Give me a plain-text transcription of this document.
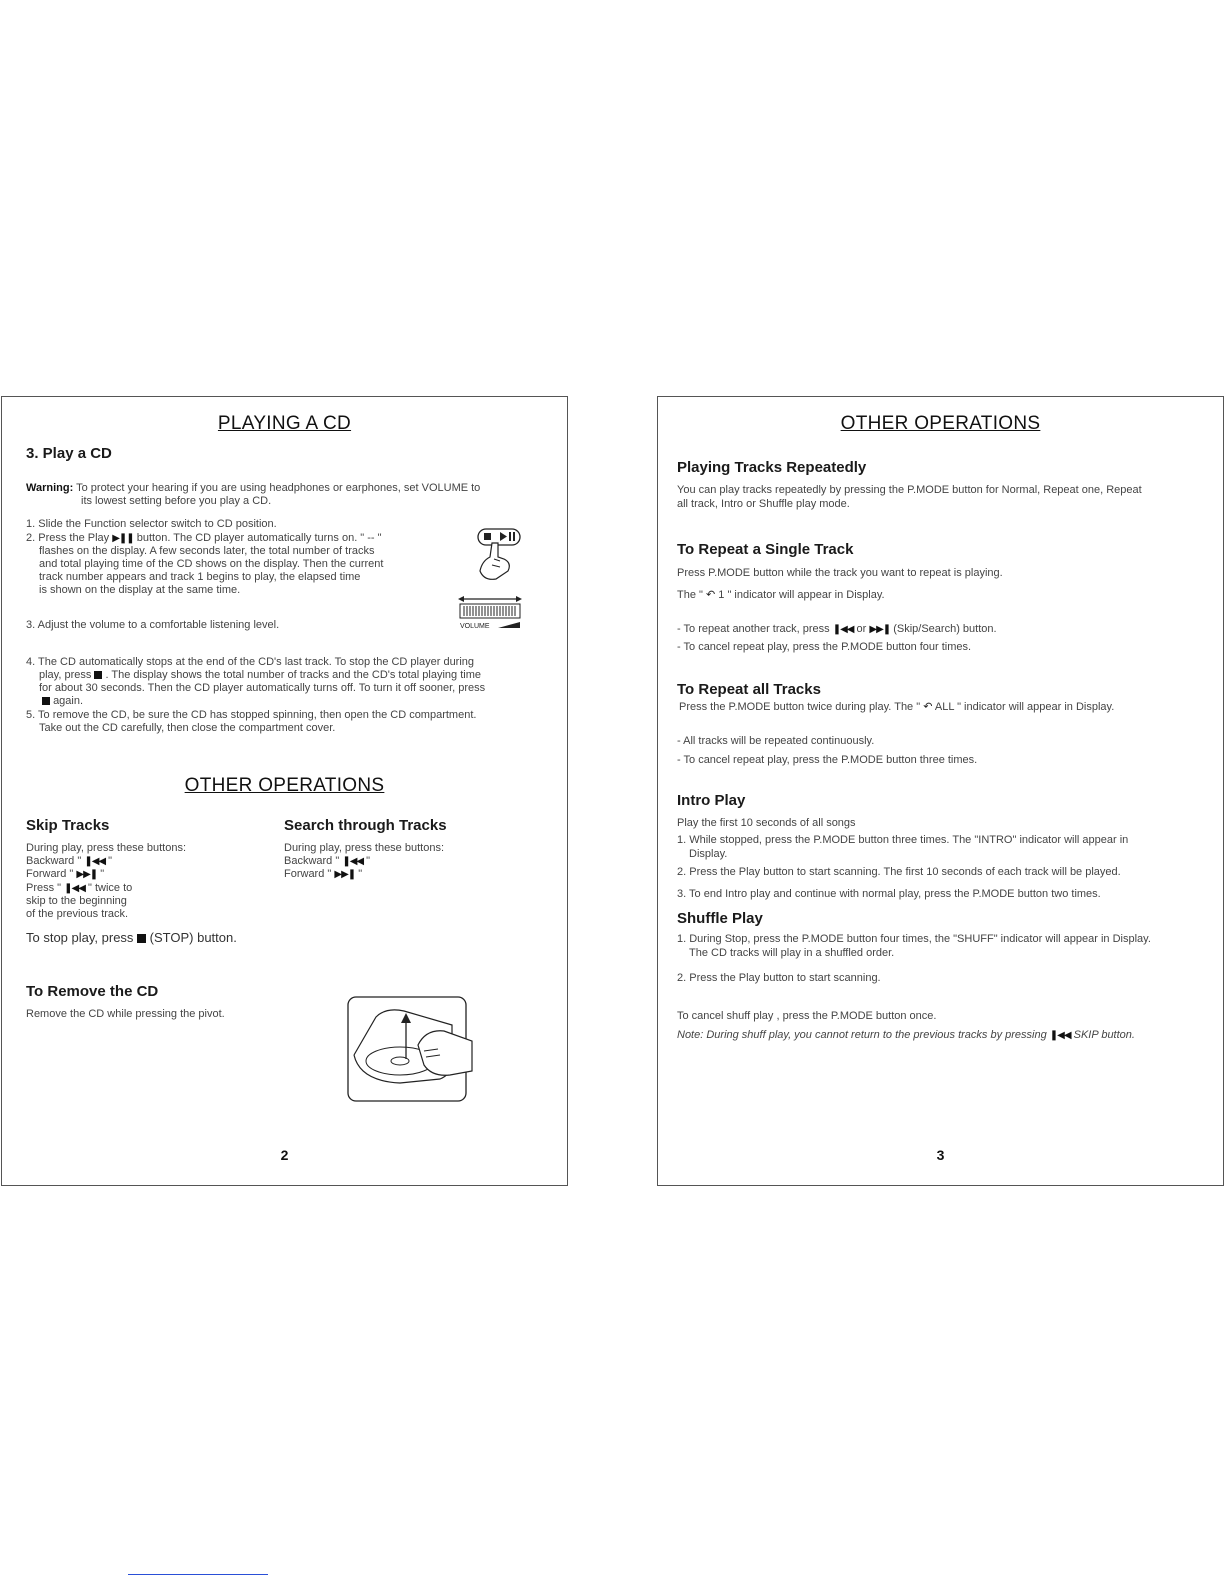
PLAYING A CD
3. Play a CD
Warning: To protect your hearing if you are using headphones or earphones, set VOLUME to
its lowest setting before you play a CD.
1. Slide the Function selector switch to CD position.
2. Press the Play ▶❚❚ button. The CD player automatically turns on. " -- "
flashes on the display. A few seconds later, the total number of tracks
and total playing time of the CD shows on the display. Then the current
track number appears and track 1 begins to play, the elapsed time
is shown on the display at the same time.
3. Adjust the volume to a comfortable listening level.	VOLUME
4. The CD automatically stops at the end of the CD's last track. To stop the CD player during
play, press . The display shows the total number of tracks and the CD's total playing time
for about 30 seconds. Then the CD player automatically turns off. To turn it off sooner, press
again.
5. To remove the CD, be sure the CD has stopped spinning, then open the CD compartment.
Take out the CD carefully, then close the compartment cover.
OTHER OPERATIONS
Skip Tracks
During play, press these buttons:
Backward " ❚◀◀ "
Forward " ▶▶❚ "
Press " ❚◀◀ " twice to
skip to the beginning
of the previous track.
Search through Tracks
During play, press these buttons:
Backward " ❚◀◀ "
Forward " ▶▶❚ "
To stop play, press (STOP) button.
To Remove the CD
Remove the CD while pressing the pivot.
2
OTHER OPERATIONS
Playing Tracks Repeatedly
You can play tracks repeatedly by pressing the P.MODE button for Normal, Repeat one, Repeat
all track, Intro or Shuffle play mode.
To Repeat a Single Track
Press P.MODE button while the track you want to repeat is playing.
The " ↶ 1 " indicator will appear in Display.
- To repeat another track, press ❚◀◀ or ▶▶❚ (Skip/Search) button.
- To cancel repeat play, press the P.MODE button four times.
To Repeat all Tracks
Press the P.MODE button twice during play. The " ↶ ALL " indicator will appear in Display.
- All tracks will be repeated continuously.
- To cancel repeat play, press the P.MODE button three times.
Intro Play
Play the first 10 seconds of all songs
1. While stopped, press the P.MODE button three times. The "INTRO" indicator will appear in
Display.
2. Press the Play button to start scanning. The first 10 seconds of each track will be played.
3. To end Intro play and continue with normal play, press the P.MODE button two times.
Shuffle Play
1. During Stop, press the P.MODE button four times, the "SHUFF" indicator will appear in Display.
The CD tracks will play in a shuffled order.
2. Press the Play button to start scanning.
To cancel shuff play , press the P.MODE button once.
Note: During shuff play, you cannot return to the previous tracks by pressing ❚◀◀ SKIP button.
3
